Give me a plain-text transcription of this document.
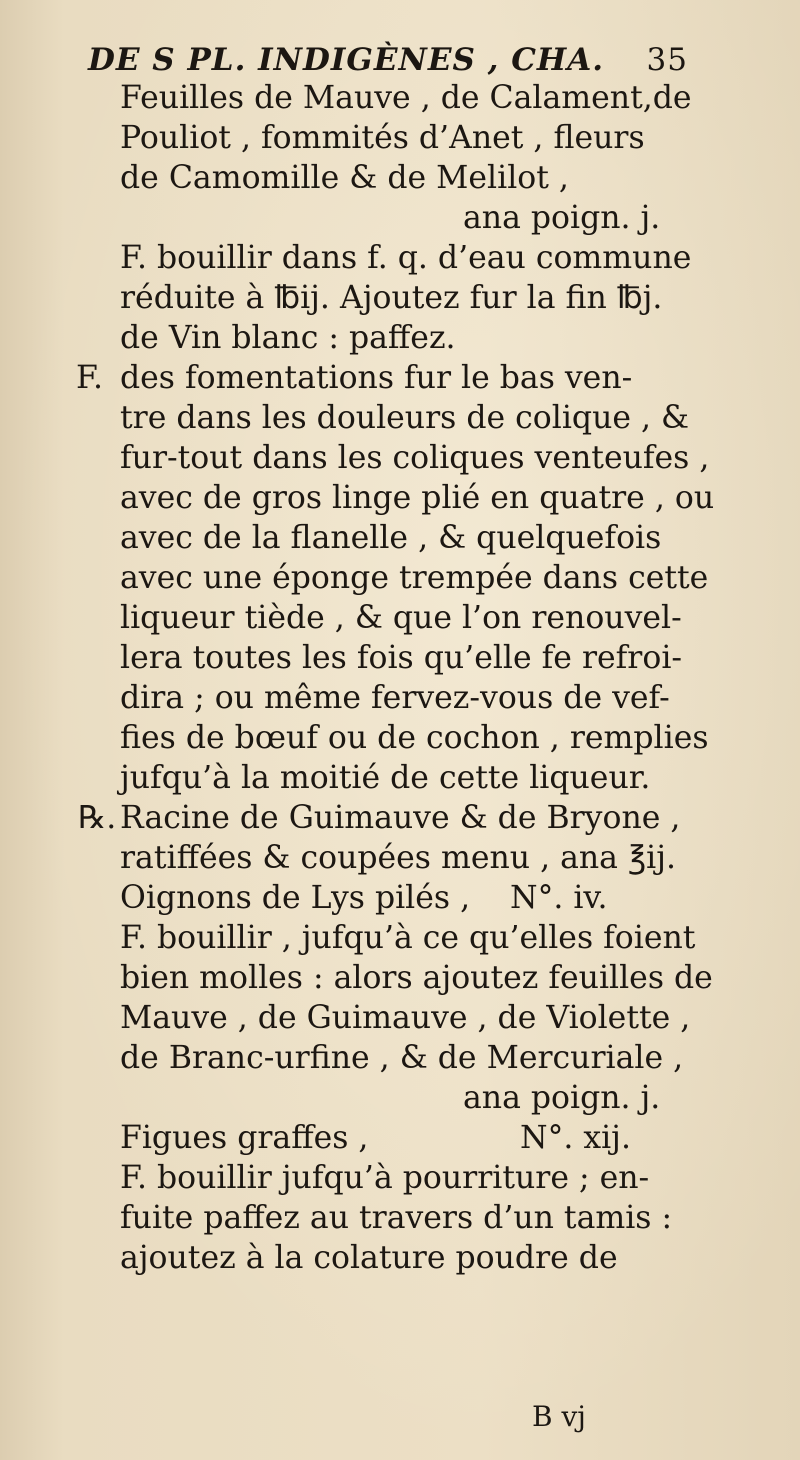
DE S PL. INDIGÈNES , CHA. 35
Feuilles de Mauve , de Calament,de
Pouliot , fommités d’Anet , fleurs
de Camomille & de Melilot ,
ana poign. j.
F. bouillir dans f. q. d’eau commune
réduite à ℔ij. Ajoutez fur la fin ℔j.
de Vin blanc : paffez.
F. des fomentations fur le bas ven-
tre dans les douleurs de colique , &
fur-tout dans les coliques venteufes ,
avec de gros linge plié en quatre , ou
avec de la flanelle , & quelquefois
avec une éponge trempée dans cette
liqueur tiède , & que l’on renouvel-
lera toutes les fois qu’elle fe refroi-
dira ; ou même fervez-vous de vef-
fies de bœuf ou de cochon , remplies
jufqu’à la moitié de cette liqueur.
℞. Racine de Guimauve & de Bryone ,
ratiffées & coupées menu , ana ℥ij.
Oignons de Lys pilés , N°. iv.
F. bouillir , jufqu’à ce qu’elles foient
bien molles : alors ajoutez feuilles de
Mauve , de Guimauve , de Violette ,
de Branc-urfine , & de Mercuriale ,
ana poign. j.
Figues graffes ,	N°. xij.
F. bouillir jufqu’à pourriture ; en-
fuite paffez au travers d’un tamis :
ajoutez à la colature poudre de
B vj
